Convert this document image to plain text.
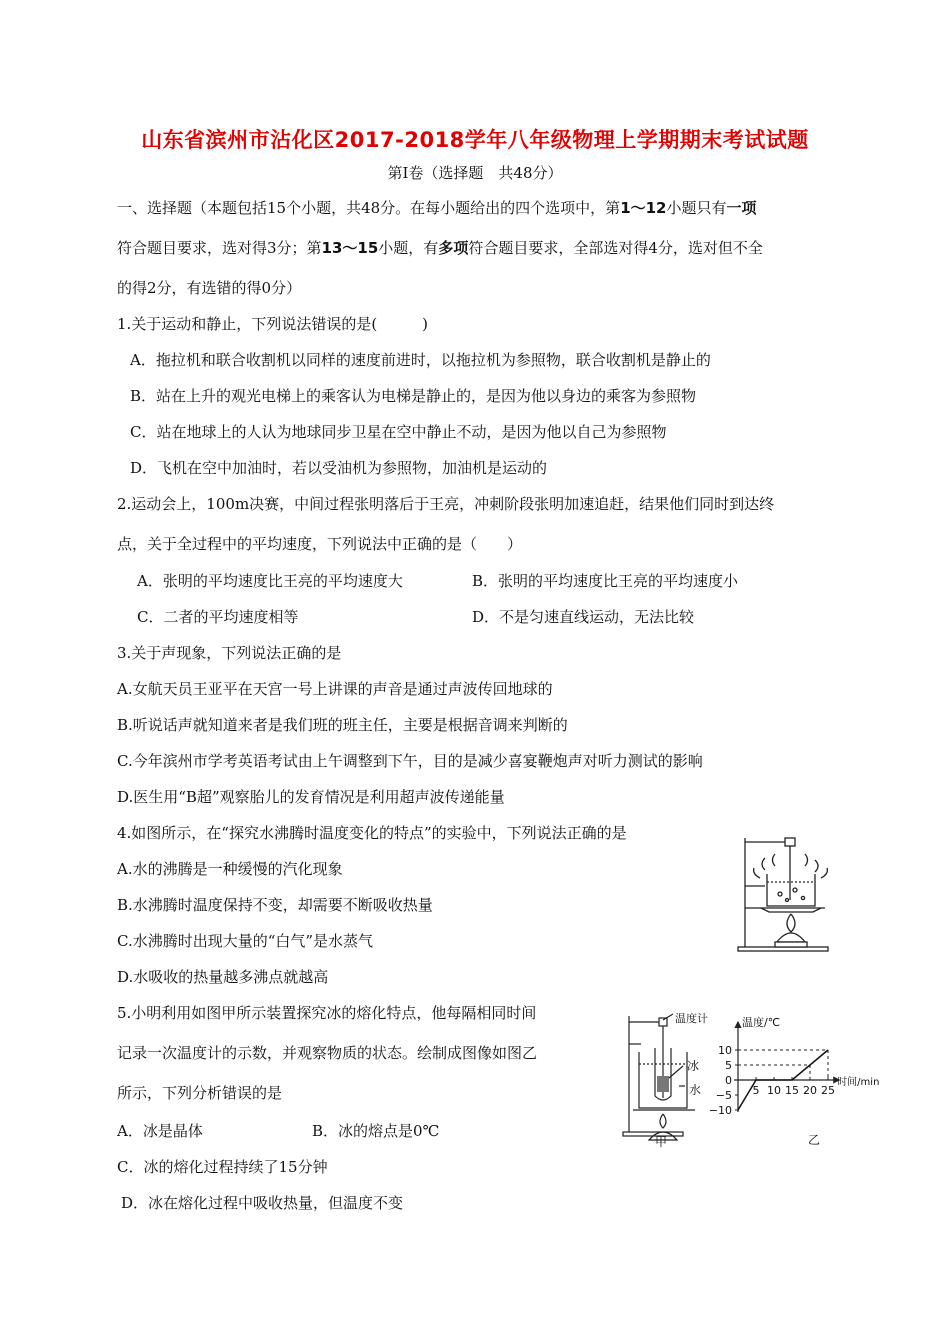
山东省滨州市沾化区2017-2018学年八年级物理上学期期末考试试题
第Ⅰ卷（选择题　共48分）
一、选择题（本题包括15个小题，共48分。在每小题给出的四个选项中，第1～12小题只有一项
符合题目要求，选对得3分；第13～15小题，有多项符合题目要求，全部选对得4分，选对但不全
的得2分，有选错的得0分）
1.关于运动和静止，下列说法错误的是(　　　)
A．拖拉机和联合收割机以同样的速度前进时，以拖拉机为参照物，联合收割机是静止的
B．站在上升的观光电梯上的乘客认为电梯是静止的，是因为他以身边的乘客为参照物
C．站在地球上的人认为地球同步卫星在空中静止不动，是因为他以自己为参照物
D．飞机在空中加油时，若以受油机为参照物，加油机是运动的
2.运动会上，100m决赛，中间过程张明落后于王亮，冲刺阶段张明加速追赶，结果他们同时到达终
点，关于全过程中的平均速度，下列说法中正确的是（　　）
A．张明的平均速度比王亮的平均速度大	B．张明的平均速度比王亮的平均速度小
C．二者的平均速度相等	D．不是匀速直线运动，无法比较
3.关于声现象，下列说法正确的是
A.女航天员王亚平在天宫一号上讲课的声音是通过声波传回地球的
B.听说话声就知道来者是我们班的班主任，主要是根据音调来判断的
C.今年滨州市学考英语考试由上午调整到下午，目的是减少喜宴鞭炮声对听力测试的影响
D.医生用“B超”观察胎儿的发育情况是利用超声波传递能量
4.如图所示，在“探究水沸腾时温度变化的特点”的实验中，下列说法正确的是
A.水的沸腾是一种缓慢的汽化现象
B.水沸腾时温度保持不变，却需要不断吸收热量
C.水沸腾时出现大量的“白气”是水蒸气
D.水吸收的热量越多沸点就越高
5.小明利用如图甲所示装置探究冰的熔化特点，他每隔相同时间
记录一次温度计的示数，并观察物质的状态。绘制成图像如图乙
所示，下列分析错误的是
A．冰是晶体	B．冰的熔点是0℃
C．冰的熔化过程持续了15分钟
D．冰在熔化过程中吸收热量，但温度不变
温度计
冰
水
甲
温度/℃
时间/min
10
5
0
−5
−10
5 10 15 20 25
乙
